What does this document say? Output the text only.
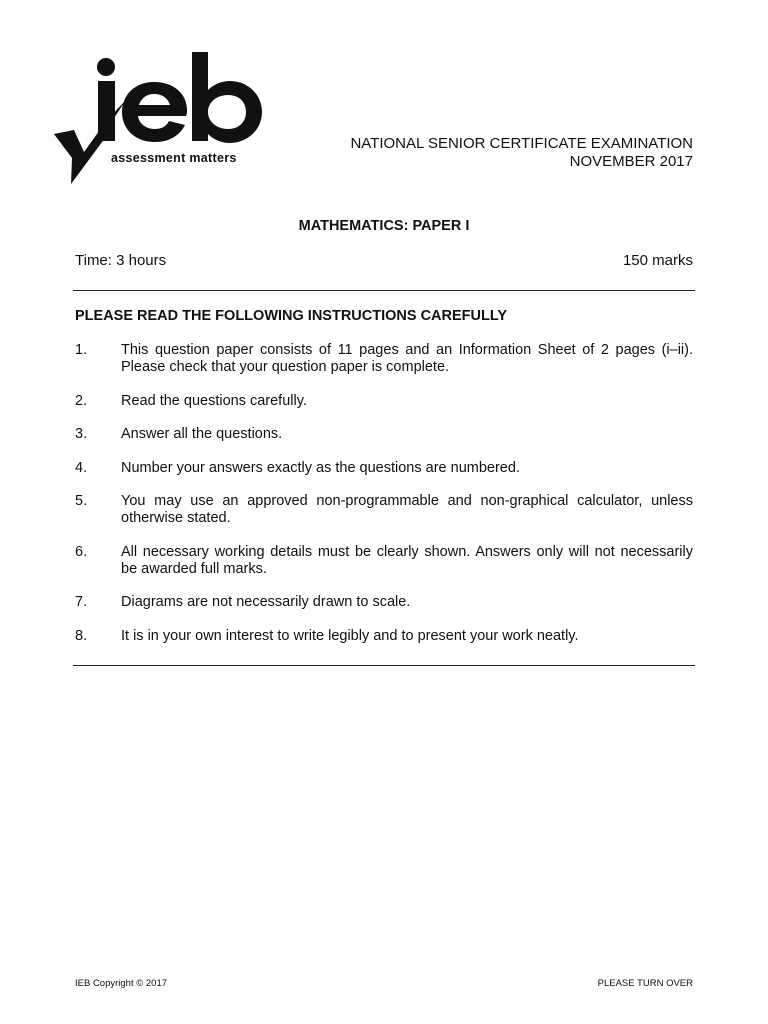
assessment matters
NATIONAL SENIOR CERTIFICATE EXAMINATION
NOVEMBER 2017
MATHEMATICS: PAPER I
Time: 3 hours	150 marks
PLEASE READ THE FOLLOWING INSTRUCTIONS CAREFULLY
1.	This question paper consists of 11 pages and an Information Sheet of 2 pages (i–ii). Please check that your question paper is complete.
2.	Read the questions carefully.
3.	Answer all the questions.
4.	Number your answers exactly as the questions are numbered.
5.	You may use an approved non-programmable and non-graphical calculator, unless otherwise stated.
6.	All necessary working details must be clearly shown. Answers only will not necessarily be awarded full marks.
7.	Diagrams are not necessarily drawn to scale.
8.	It is in your own interest to write legibly and to present your work neatly.
IEB Copyright © 2017	PLEASE TURN OVER
